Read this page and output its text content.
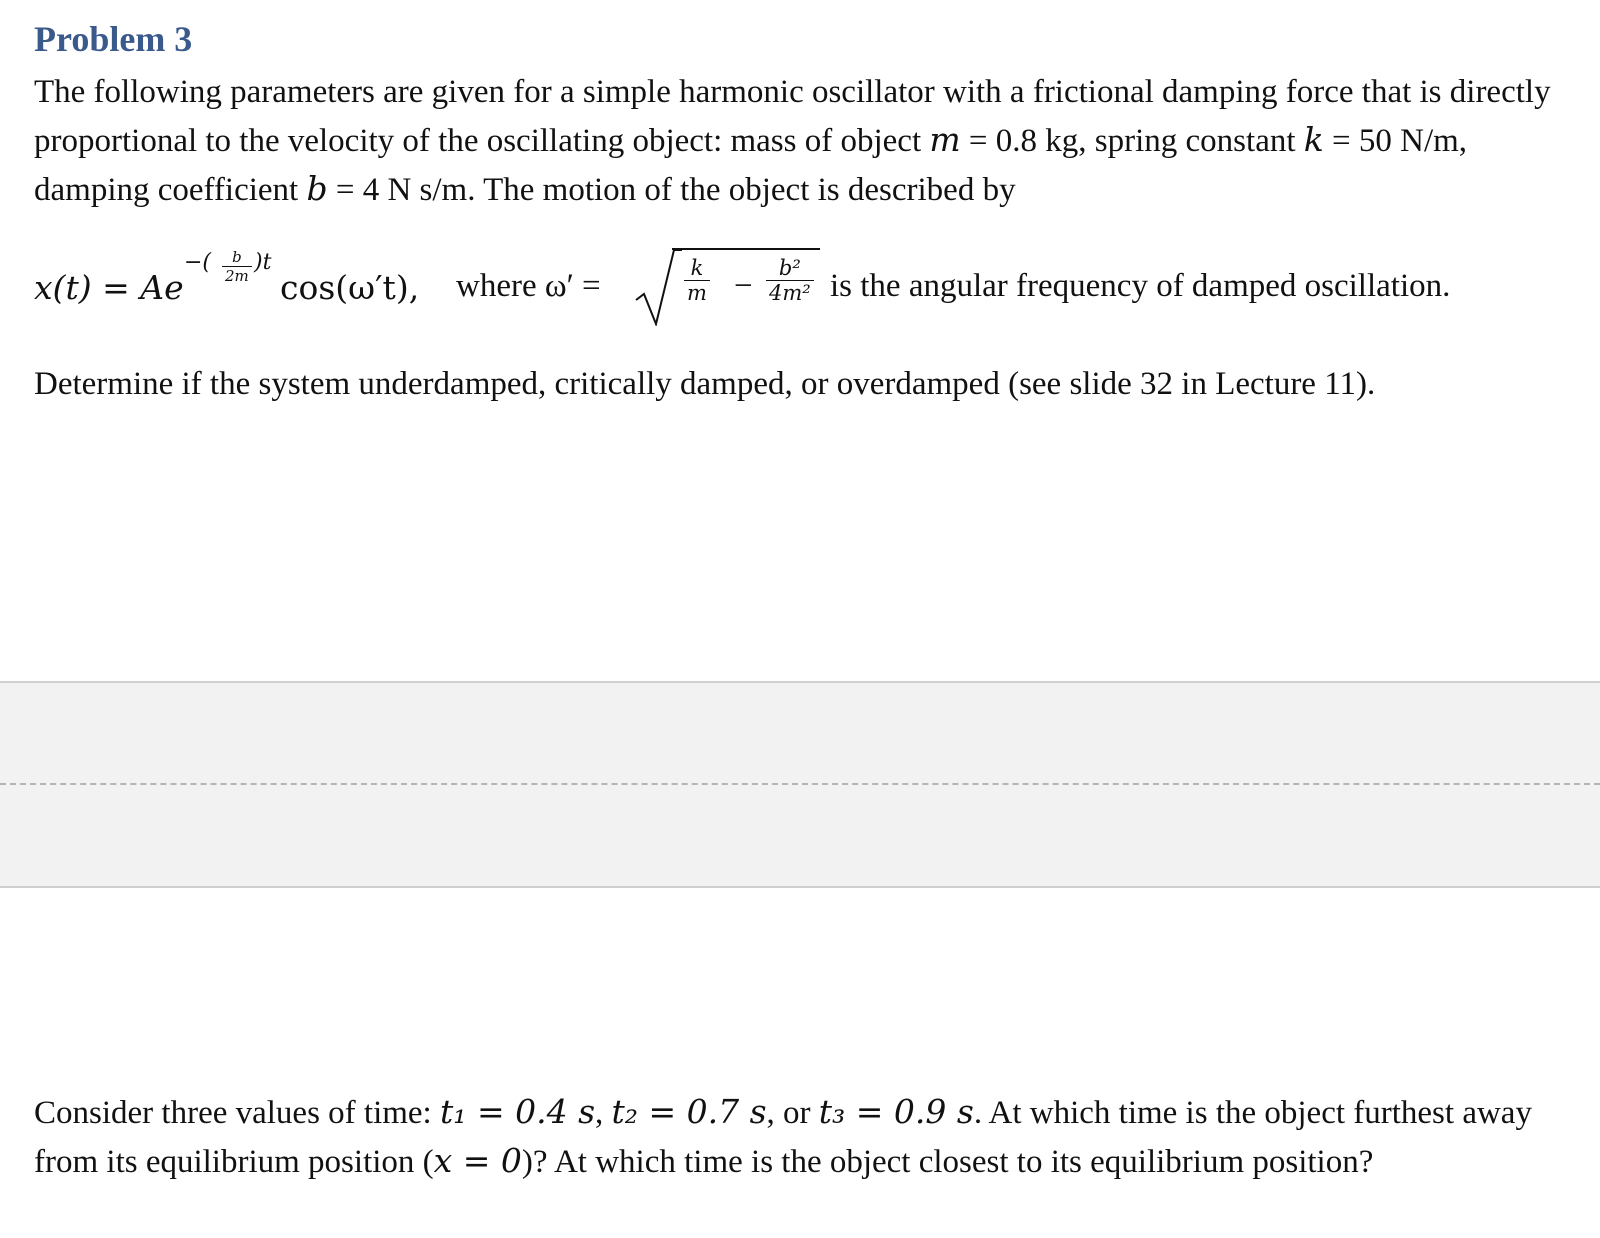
Problem 3
The following parameters are given for a simple harmonic oscillator with a frictional damping force that is directly proportional to the velocity of the oscillating object: mass of object m = 0.8 kg, spring constant k = 50 N/m, damping coefficient b = 4 N s/m. The motion of the object is described by
x(t) = Ae
−( $\frac{b}{2m} )t$
cos(ω′t), where ω′ =	$\frac{k}{m} - \frac{\text{b²}}{\text{4m²}}$ is the angular frequency of damped oscillation.
Determine if the system underdamped, critically damped, or overdamped (see slide 32 in Lecture 11).
Consider three values of time: t₁ = 0.4 s, t₂ = 0.7 s, or t₃ = 0.9 s. At which time is the object furthest away from its equilibrium position (x = 0)? At which time is the object closest to its equilibrium position?
